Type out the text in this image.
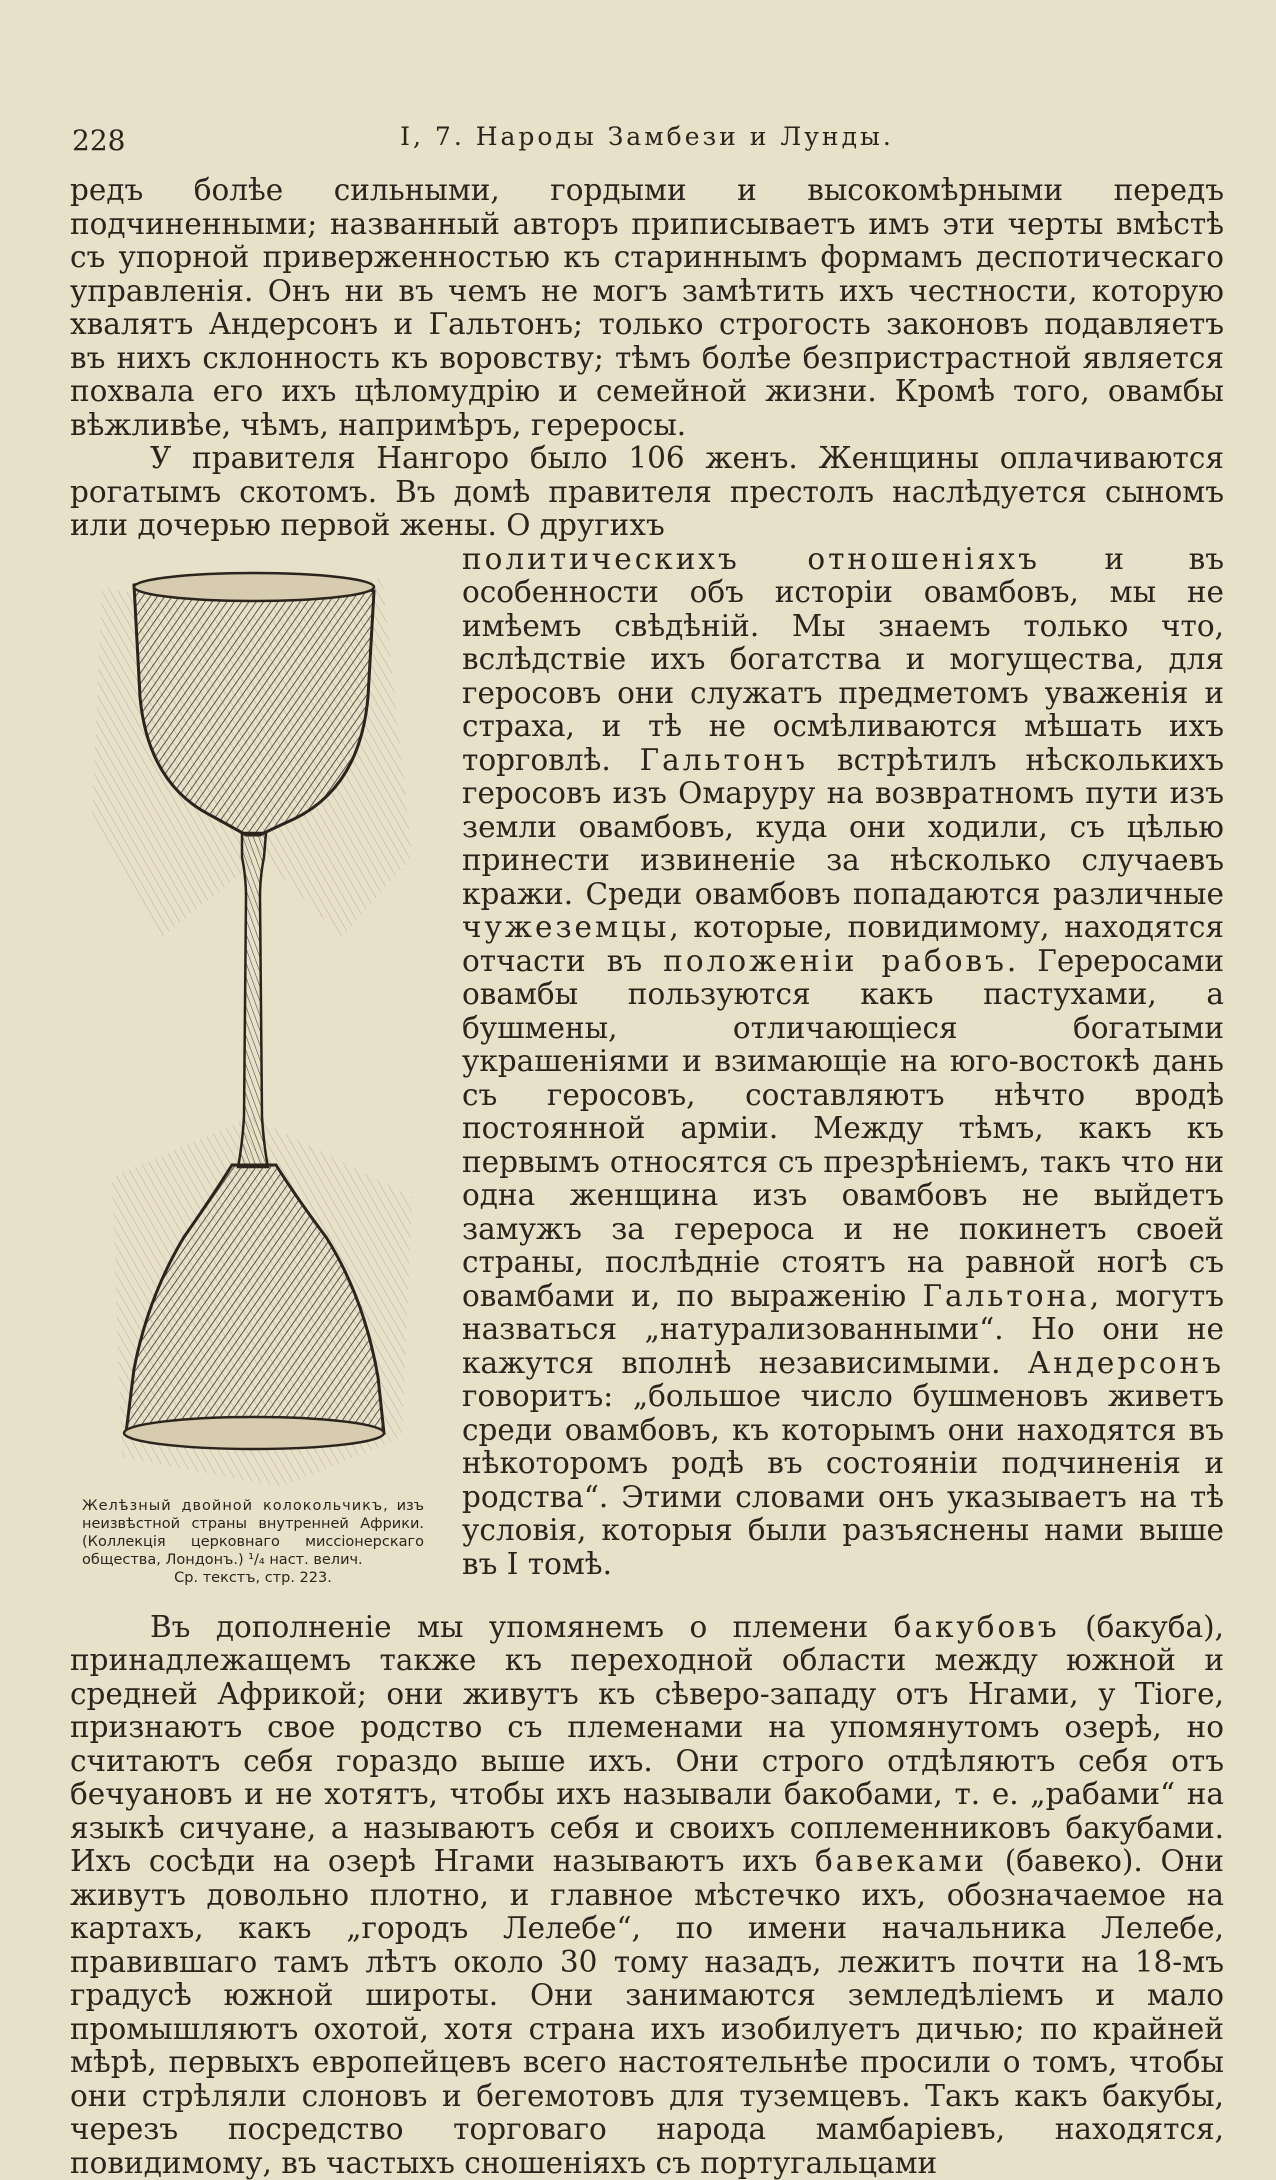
228	I, 7. Народы Замбези и Лунды.

редъ болѣе сильными, гордыми и высокомѣрными передъ подчиненными; названный авторъ приписываетъ имъ эти черты вмѣстѣ съ упорной приверженностью къ стариннымъ формамъ деспотическаго управленія. Онъ ни въ чемъ не могъ замѣтить ихъ честности, которую хвалятъ Андерсонъ и Гальтонъ; только строгость законовъ подавляетъ въ нихъ склонность къ воровству; тѣмъ болѣе безпристрастной является похвала его ихъ цѣломудрію и семейной жизни. Кромѣ того, овамбы вѣжливѣе, чѣмъ, напримѣръ, гереросы.

У правителя Нангоро было 106 женъ. Женщины оплачиваются рогатымъ скотомъ. Въ домѣ правителя престолъ наслѣдуется сыномъ или дочерью первой жены. О другихъ

Желѣзный двойной колокольчикъ, изъ неизвѣстной страны внутренней Африки. (Коллекція церковнаго миссіонерскаго общества, Лондонъ.) ¹/₄ наст. велич.
Ср. текстъ, стр. 223.

политическихъ отношеніяхъ и въ особенности объ исторіи овамбовъ, мы не имѣемъ свѣдѣній. Мы знаемъ только что, вслѣдствіе ихъ богатства и могущества, для геросовъ они служатъ предметомъ уваженія и страха, и тѣ не осмѣливаются мѣшать ихъ торговлѣ. Гальтонъ встрѣтилъ нѣсколькихъ геросовъ изъ Омаруру на возвратномъ пути изъ земли овамбовъ, куда они ходили, съ цѣлью принести извиненіе за нѣсколько случаевъ кражи. Среди овамбовъ попадаются различные чужеземцы, которые, повидимому, находятся отчасти въ положеніи рабовъ. Гереросами овамбы пользуются какъ пастухами, а бушмены, отличающіеся богатыми украшеніями и взимающіе на юго-востокѣ дань съ геросовъ, составляютъ нѣчто вродѣ постоянной арміи. Между тѣмъ, какъ къ первымъ относятся съ презрѣніемъ, такъ что ни одна женщина изъ овамбовъ не выйдетъ замужъ за герероса и не покинетъ своей страны, послѣдніе стоятъ на равной ногѣ съ овамбами и, по выраженію Гальтона, могутъ назваться „натурализованными“. Но они не кажутся вполнѣ независимыми. Андерсонъ говоритъ: „большое число бушменовъ живетъ среди овамбовъ, къ которымъ они находятся въ нѣкоторомъ родѣ въ состояніи подчиненія и родства“. Этими словами онъ указываетъ на тѣ условія, которыя были разъяснены нами выше въ I томѣ.

Въ дополненіе мы упомянемъ о племени бакубовъ (бакуба), принадлежащемъ также къ переходной области между южной и средней Африкой; они живутъ къ сѣверо-западу отъ Нгами, у Тіоге, признаютъ свое родство съ племенами на упомянутомъ озерѣ, но считаютъ себя гораздо выше ихъ. Они строго отдѣляютъ себя отъ бечуановъ и не хотятъ, чтобы ихъ называли бакобами, т. е. „рабами“ на языкѣ сичуане, а называютъ себя и своихъ соплеменниковъ бакубами. Ихъ сосѣди на озерѣ Нгами называютъ ихъ бавеками (бавеко). Они живутъ довольно плотно, и главное мѣстечко ихъ, обозначаемое на картахъ, какъ „городъ Лелебе“, по имени начальника Лелебе, правившаго тамъ лѣтъ около 30 тому назадъ, лежитъ почти на 18-мъ градусѣ южной широты. Они занимаются земледѣліемъ и мало промышляютъ охотой, хотя страна ихъ изобилуетъ дичью; по крайней мѣрѣ, первыхъ европейцевъ всего настоятельнѣе просили о томъ, чтобы они стрѣляли слоновъ и бегемотовъ для туземцевъ. Такъ какъ бакубы, черезъ посредство торговаго народа мамбаріевъ, находятся, повидимому, въ частыхъ сношеніяхъ съ португальцами
